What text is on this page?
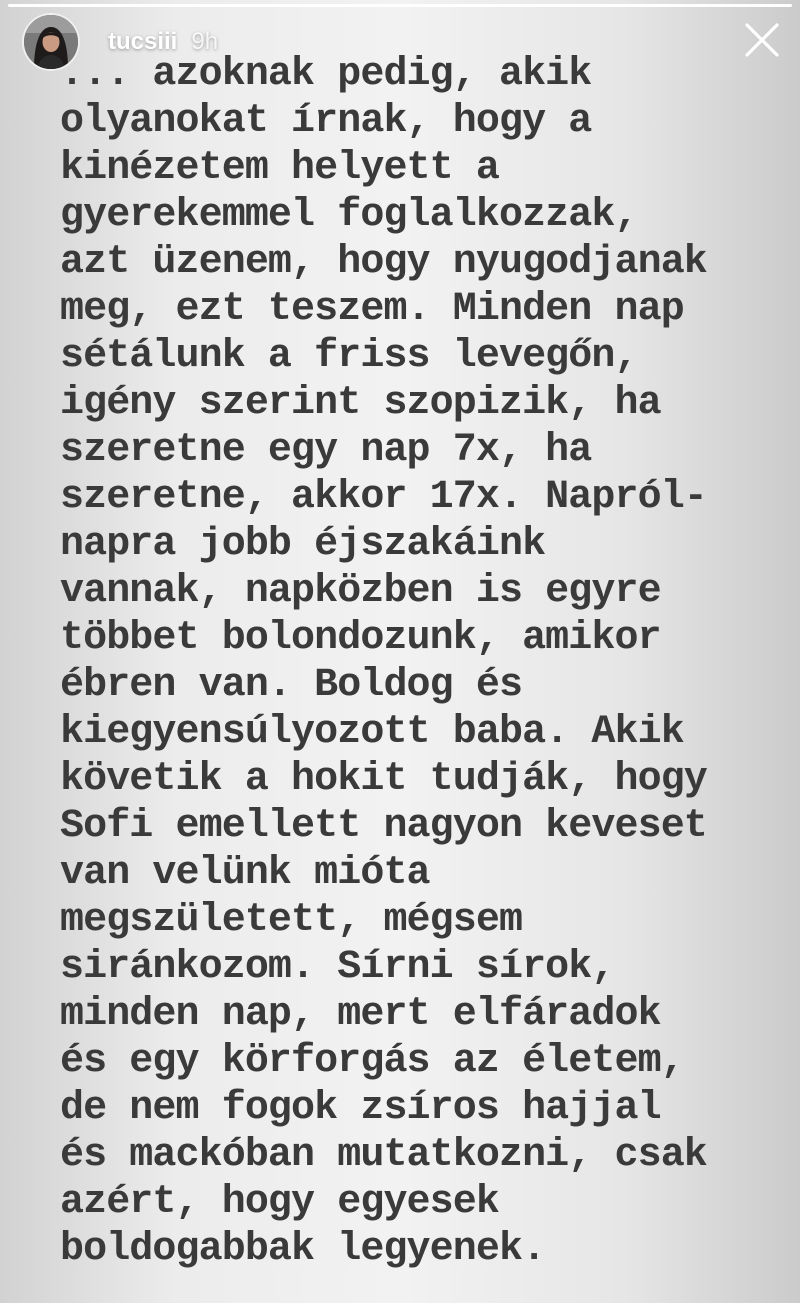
tucsiii 9h
... azoknak pedig, akik
olyanokat írnak, hogy a
kinézetem helyett a
gyerekemmel foglalkozzak,
azt üzenem, hogy nyugodjanak
meg, ezt teszem. Minden nap
sétálunk a friss levegőn,
igény szerint szopizik, ha
szeretne egy nap 7x, ha
szeretne, akkor 17x. Napról-
napra jobb éjszakáink
vannak, napközben is egyre
többet bolondozunk, amikor
ébren van. Boldog és
kiegyensúlyozott baba. Akik
követik a hokit tudják, hogy
Sofi emellett nagyon keveset
van velünk mióta
megszületett, mégsem
siránkozom. Sírni sírok,
minden nap, mert elfáradok
és egy körforgás az életem,
de nem fogok zsíros hajjal
és mackóban mutatkozni, csak
azért, hogy egyesek
boldogabbak legyenek.
